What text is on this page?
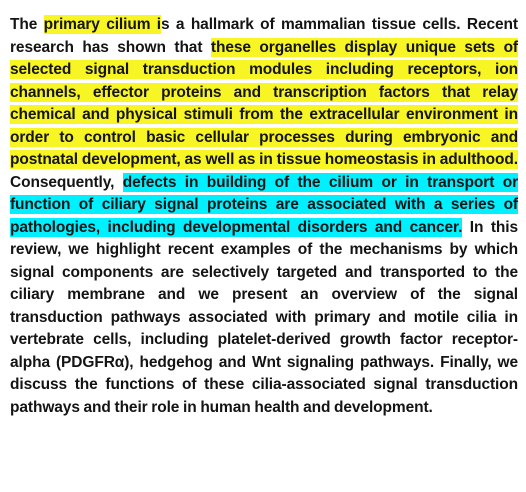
The primary cilium is a hallmark of mammalian tissue cells. Recent research has shown that these organelles display unique sets of selected signal transduction modules including receptors, ion channels, effector proteins and transcription factors that relay chemical and physical stimuli from the extracellular environment in order to control basic cellular processes during embryonic and postnatal development, as well as in tissue homeostasis in adulthood. Consequently, defects in building of the cilium or in transport or function of ciliary signal proteins are associated with a series of pathologies, including developmental disorders and cancer. In this review, we highlight recent examples of the mechanisms by which signal components are selectively targeted and transported to the ciliary membrane and we present an overview of the signal transduction pathways associated with primary and motile cilia in vertebrate cells, including platelet-derived growth factor receptor-alpha (PDGFRα), hedgehog and Wnt signaling pathways. Finally, we discuss the functions of these cilia-associated signal transduction pathways and their role in human health and development.
